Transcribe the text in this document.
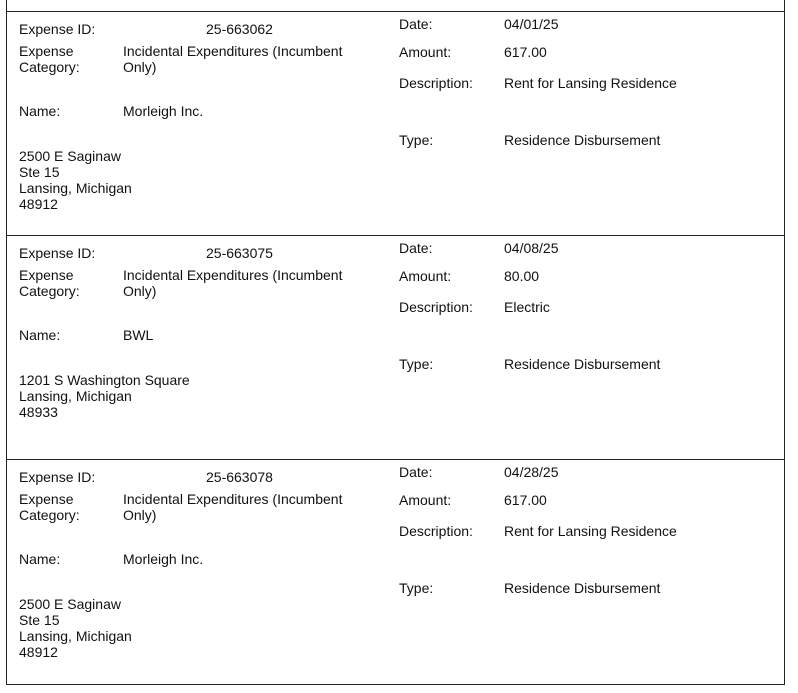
Expense ID:	25-663062
Expense
Category:
Incidental Expenditures (Incumbent
Only)
Name:	Morleigh Inc.
2500 E Saginaw
Ste 15
Lansing, Michigan
48912
Date:	04/01/25
Amount:	617.00
Description: Rent for Lansing Residence
Type:	Residence Disbursement
Expense ID:	25-663075
Expense
Category:
Incidental Expenditures (Incumbent
Only)
Name:	BWL
1201 S Washington Square
Lansing, Michigan
48933
Date:	04/08/25
Amount:	80.00
Description: Electric
Type:	Residence Disbursement
Expense ID:	25-663078
Expense
Category:
Incidental Expenditures (Incumbent
Only)
Name:	Morleigh Inc.
2500 E Saginaw
Ste 15
Lansing, Michigan
48912
Date:	04/28/25
Amount:	617.00
Description: Rent for Lansing Residence
Type:	Residence Disbursement
